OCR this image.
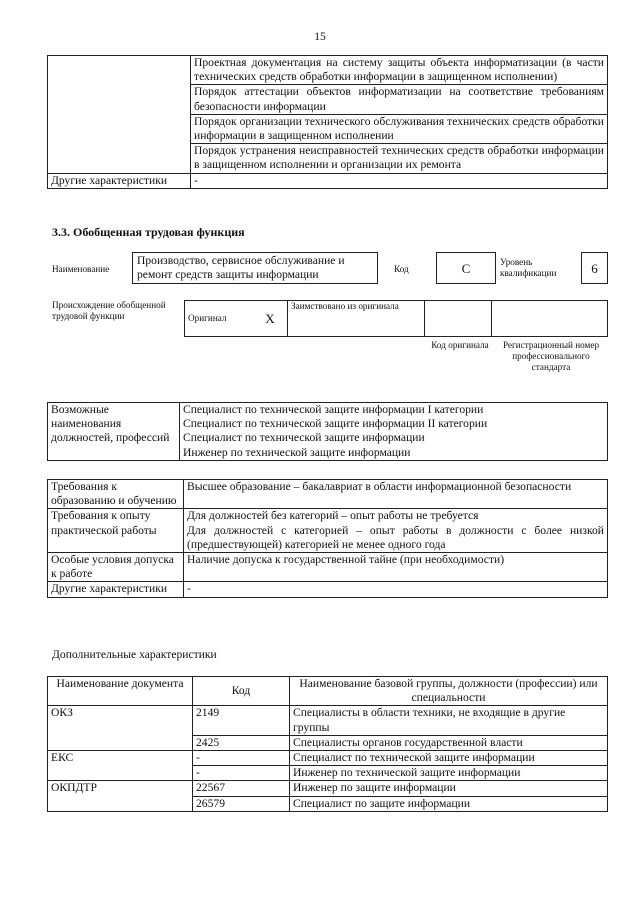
15
	Проектная документация на систему защиты объекта информатизации (в части технических средств обработки информации в защищенном исполнении)
	Порядок аттестации объектов информатизации на соответствие требованиям безопасности информации
	Порядок организации технического обслуживания технических средств обработки информации в защищенном исполнении
	Порядок устранения неисправностей технических средств обработки информации в защищенном исполнении и организации их ремонта
Другие характеристики	-
3.3. Обобщенная трудовая функция
Наименование
Производство, сервисное обслуживание и ремонт средств защиты информации	Код	C	Уровень квалификации	6
Происхождение обобщенной трудовой функции	Оригинал	X	Заимствовано из оригинала		
Код оригинала	Регистрационный номер профессионального стандарта
Возможные наименования должностей, профессий	
Специалист по технической защите информации I категории
Специалист по технической защите информации II категории
Специалист по технической защите информации
Инженер по технической защите информации
Требования к образованию и обучению	Высшее образование – бакалавриат в области информационной безопасности

Требования к опыту практической работы	Для должностей без категорий – опыт работы не требуется
Для должностей с категорией – опыт работы в должности с более низкой (предшествующей) категорией не менее одного года

Особые условия допуска к работе	Наличие допуска к государственной тайне (при необходимости)

Другие характеристики	-
Дополнительные характеристики
Наименование документа	Код	Наименование базовой группы, должности (профессии) или специальности
ОКЗ	2149	Специалисты в области техники, не входящие в другие группы
	2425	Специалисты органов государственной власти
ЕКС	-	Специалист по технической защите информации
	-	Инженер по технической защите информации
ОКПДТР	22567	Инженер по защите информации
	26579	Специалист по защите информации
